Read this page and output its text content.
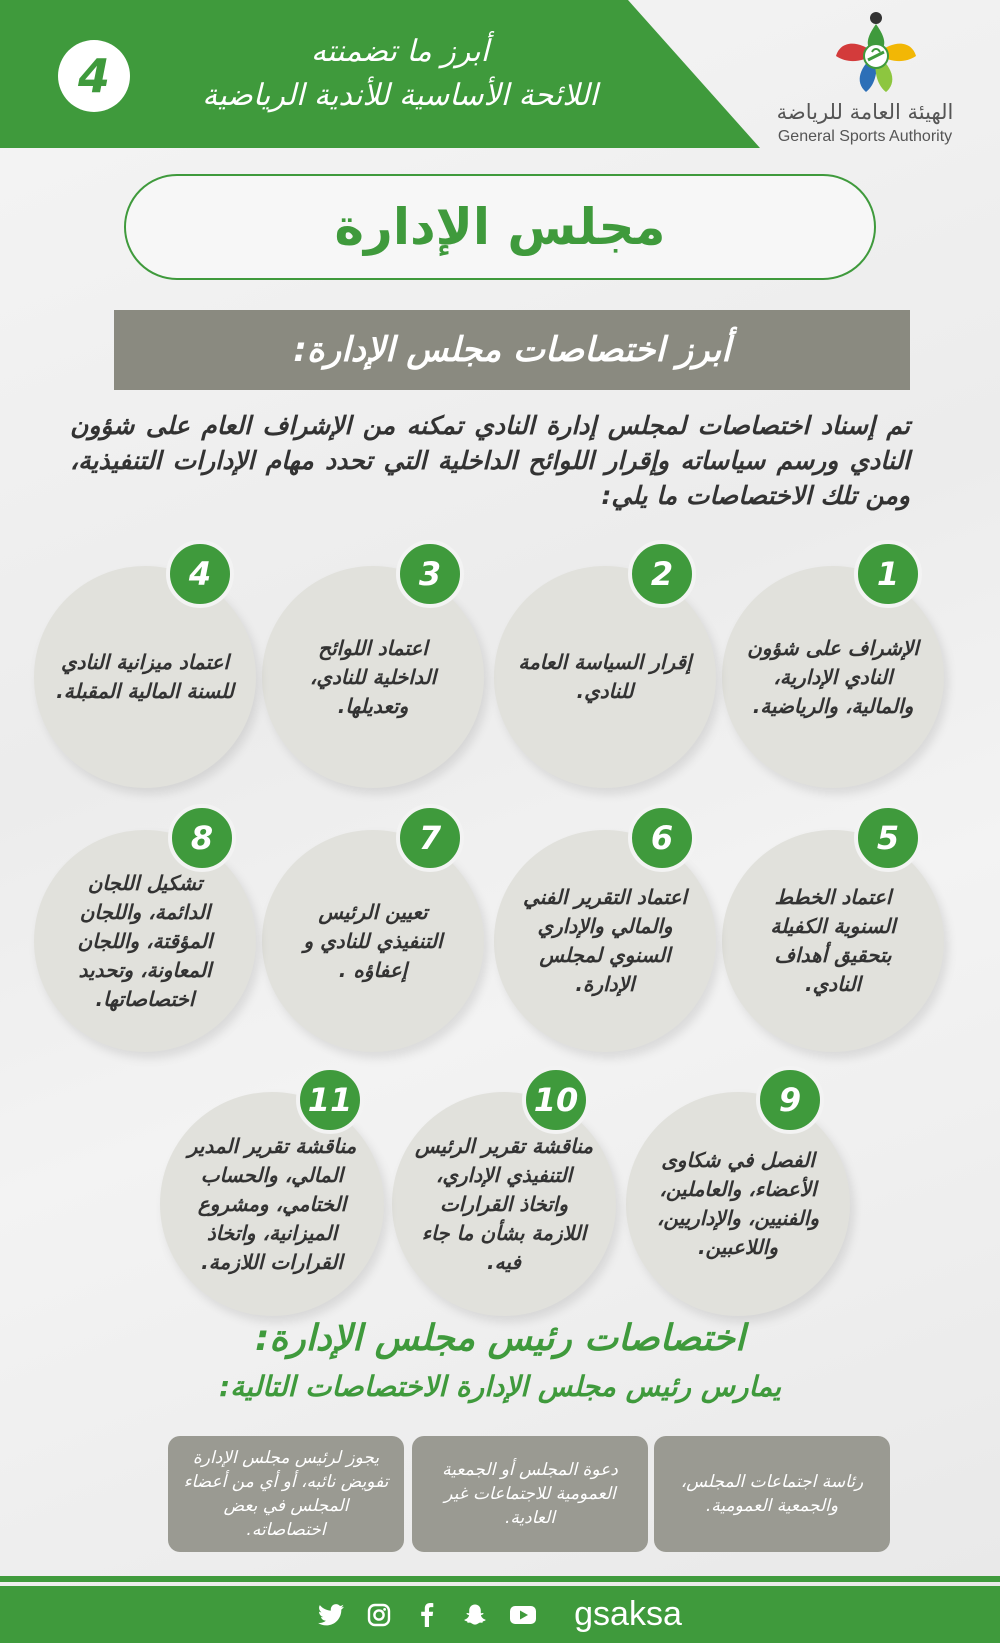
4	أبرز ما تضمنته
اللائحة الأساسية للأندية الرياضية	الهيئة العامة للرياضة
General Sports Authority
مجلس الإدارة
أبرز اختصاصات مجلس الإدارة:
تم إسناد اختصاصات لمجلس إدارة النادي تمكنه من الإشراف العام على شؤون النادي ورسم سياساته وإقرار اللوائح الداخلية التي تحدد مهام الإدارات التنفيذية، ومن تلك الاختصاصات ما يلي:
الإشراف على شؤون النادي الإدارية، والمالية، والرياضية.
1
إقرار السياسة العامة للنادي.
2
اعتماد اللوائح الداخلية للنادي، وتعديلها.
3
اعتماد ميزانية النادي للسنة المالية المقبلة.
4
اعتماد الخطط السنوية الكفيلة بتحقيق أهداف النادي.
5
اعتماد التقرير الفني والمالي والإداري السنوي لمجلس الإدارة.
6
تعيين الرئيس التنفيذي للنادي و إعفاؤه .
7
تشكيل اللجان الدائمة، واللجان المؤقتة، واللجان المعاونة، وتحديد اختصاصاتها.
8
الفصل في شكاوى الأعضاء، والعاملين، والفنيين، والإداريين، واللاعبين.
9
مناقشة تقرير الرئيس التنفيذي الإداري، واتخاذ القرارات اللازمة بشأن ما جاء فيه.
10
مناقشة تقرير المدير المالي، والحساب الختامي، ومشروع الميزانية، واتخاذ القرارات اللازمة.
11
اختصاصات رئيس مجلس الإدارة:
يمارس رئيس مجلس الإدارة الاختصاصات التالية:
رئاسة اجتماعات المجلس، والجمعية العمومية.
دعوة المجلس أو الجمعية العمومية للاجتماعات غير العادية.
يجوز لرئيس مجلس الإدارة تفويض نائبه، أو أي من أعضاء المجلس في بعض اختصاصاته.
gsaksa
